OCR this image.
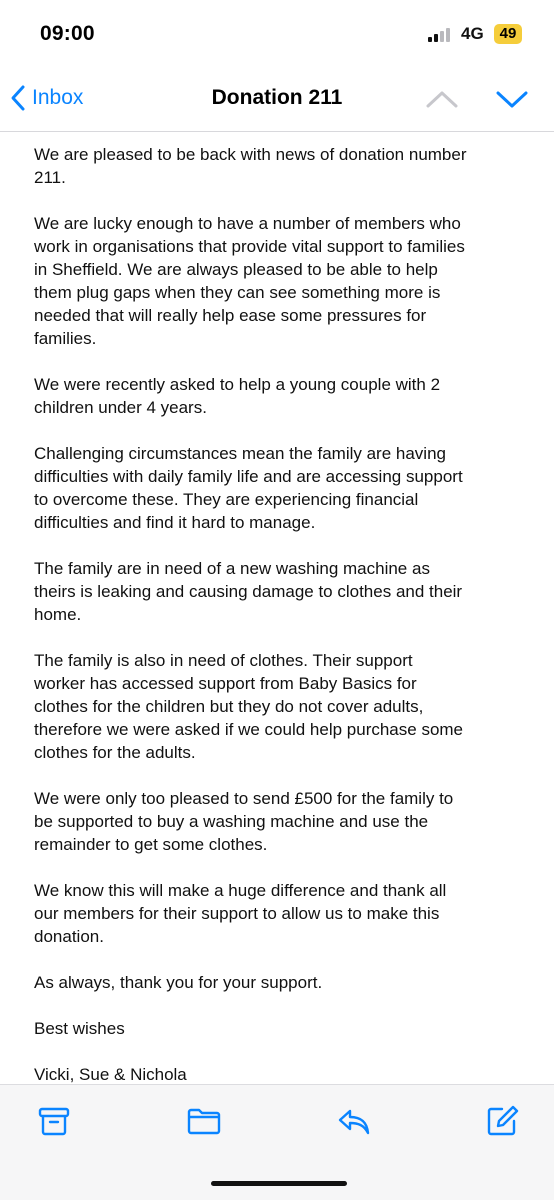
09:00	4G	49
Inbox	Donation 211

We are pleased to be back with news of donation number
211.

We are lucky enough to have a number of members who
work in organisations that provide vital support to families
in Sheffield. We are always pleased to be able to help
them plug gaps when they can see something more is
needed that will really help ease some pressures for
families.

We were recently asked to help a young couple with 2
children under 4 years.

Challenging circumstances mean the family are having
difficulties with daily family life and are accessing support
to overcome these. They are experiencing financial
difficulties and find it hard to manage.

The family are in need of a new washing machine as
theirs is leaking and causing damage to clothes and their
home.

The family is also in need of clothes. Their support
worker has accessed support from Baby Basics for
clothes for the children but they do not cover adults,
therefore we were asked if we could help purchase some
clothes for the adults.

We were only too pleased to send £500 for the family to
be supported to buy a washing machine and use the
remainder to get some clothes.

We know this will make a huge difference and thank all
our members for their support to allow us to make this
donation.

As always, thank you for your support.

Best wishes

Vicki, Sue & Nichola
